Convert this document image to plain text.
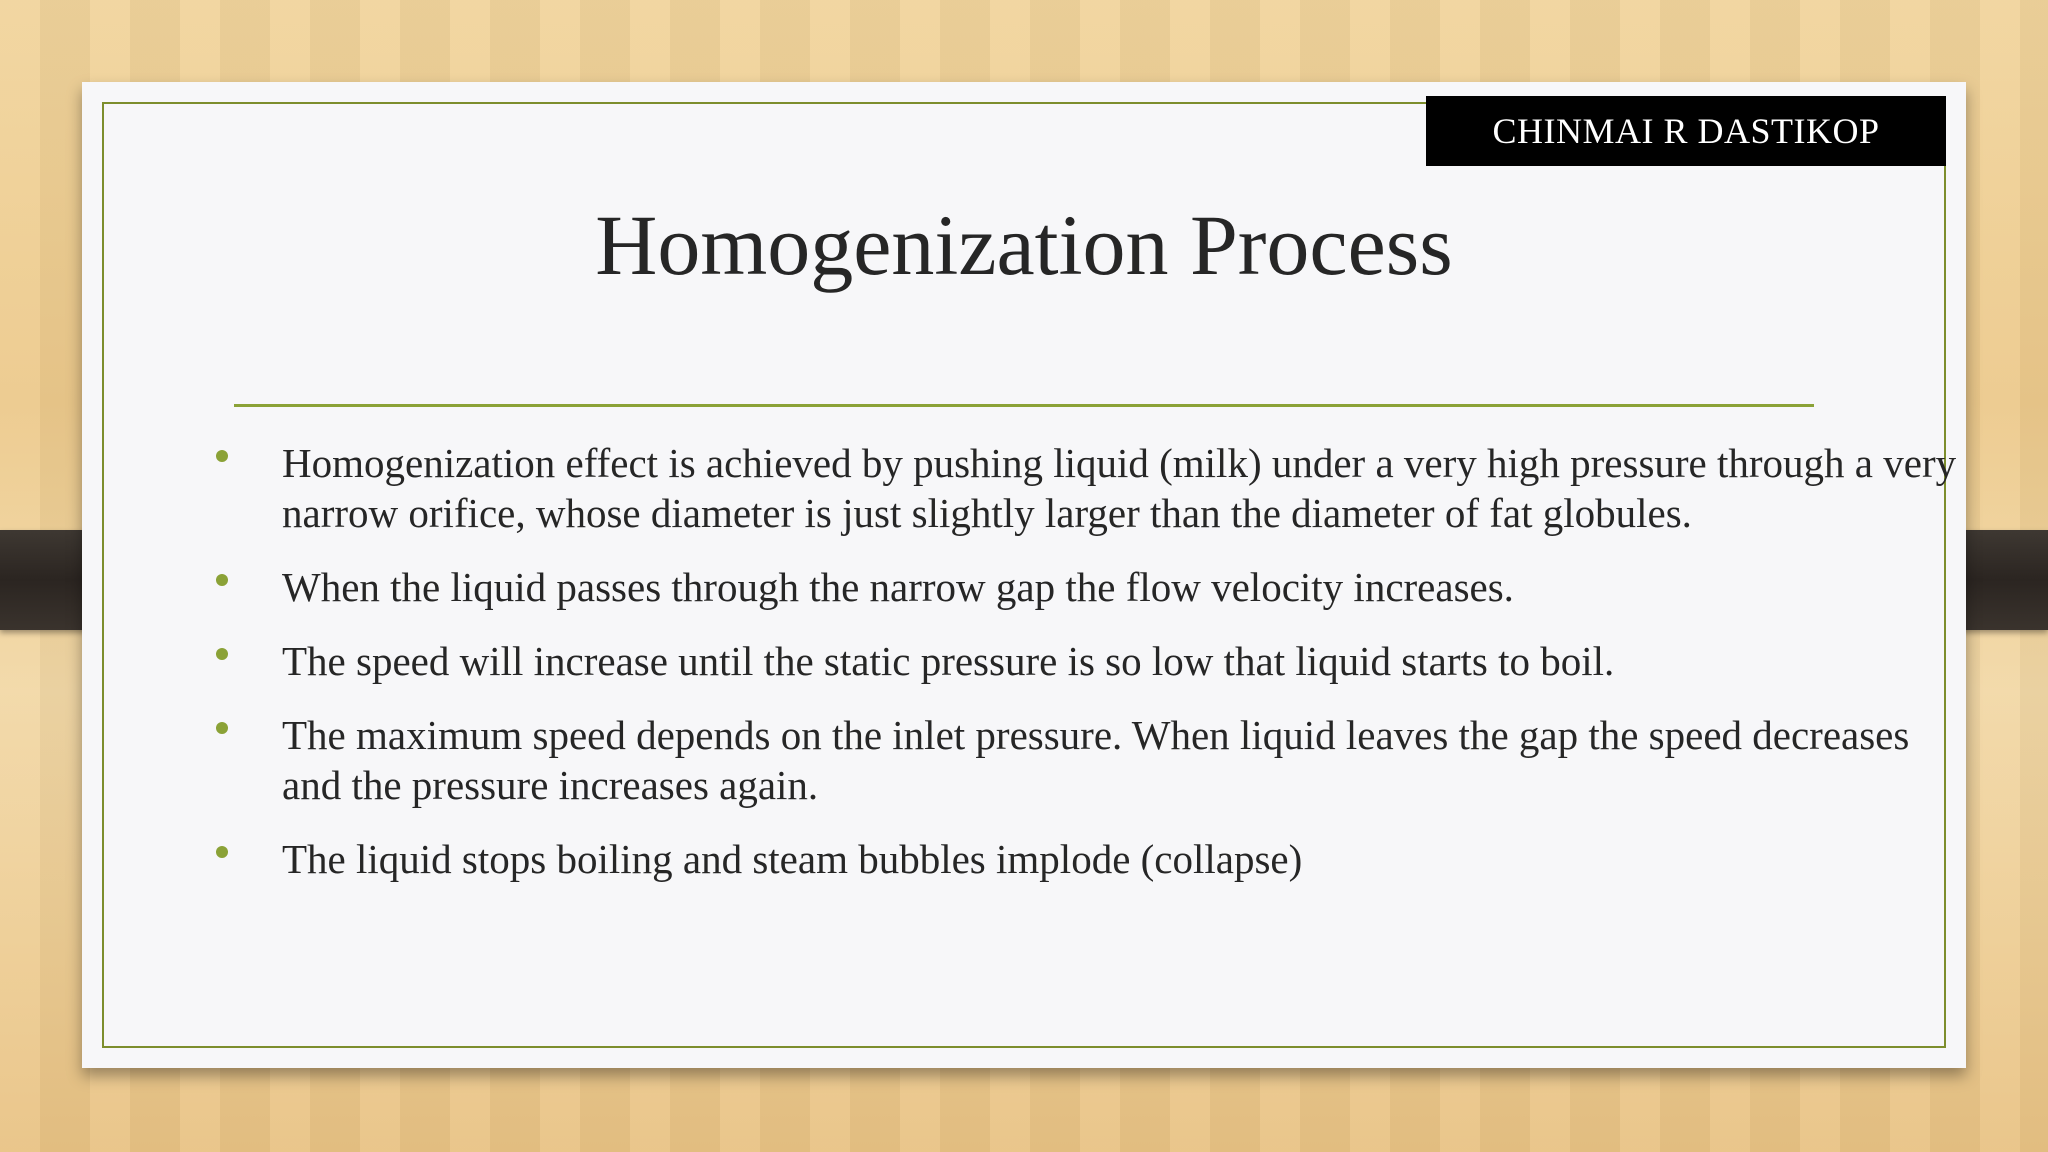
CHINMAI R DASTIKOP
Homogenization Process
Homogenization effect is achieved by pushing liquid (milk) under a very high pressure through a very narrow orifice, whose diameter is just slightly larger than the diameter of fat globules.
When the liquid passes through the narrow gap the flow velocity increases.
The speed will increase until the static pressure is so low that liquid starts to boil.
The maximum speed depends on the inlet pressure. When liquid leaves the gap the speed decreases and the pressure increases again.
The liquid stops boiling and steam bubbles implode (collapse)
